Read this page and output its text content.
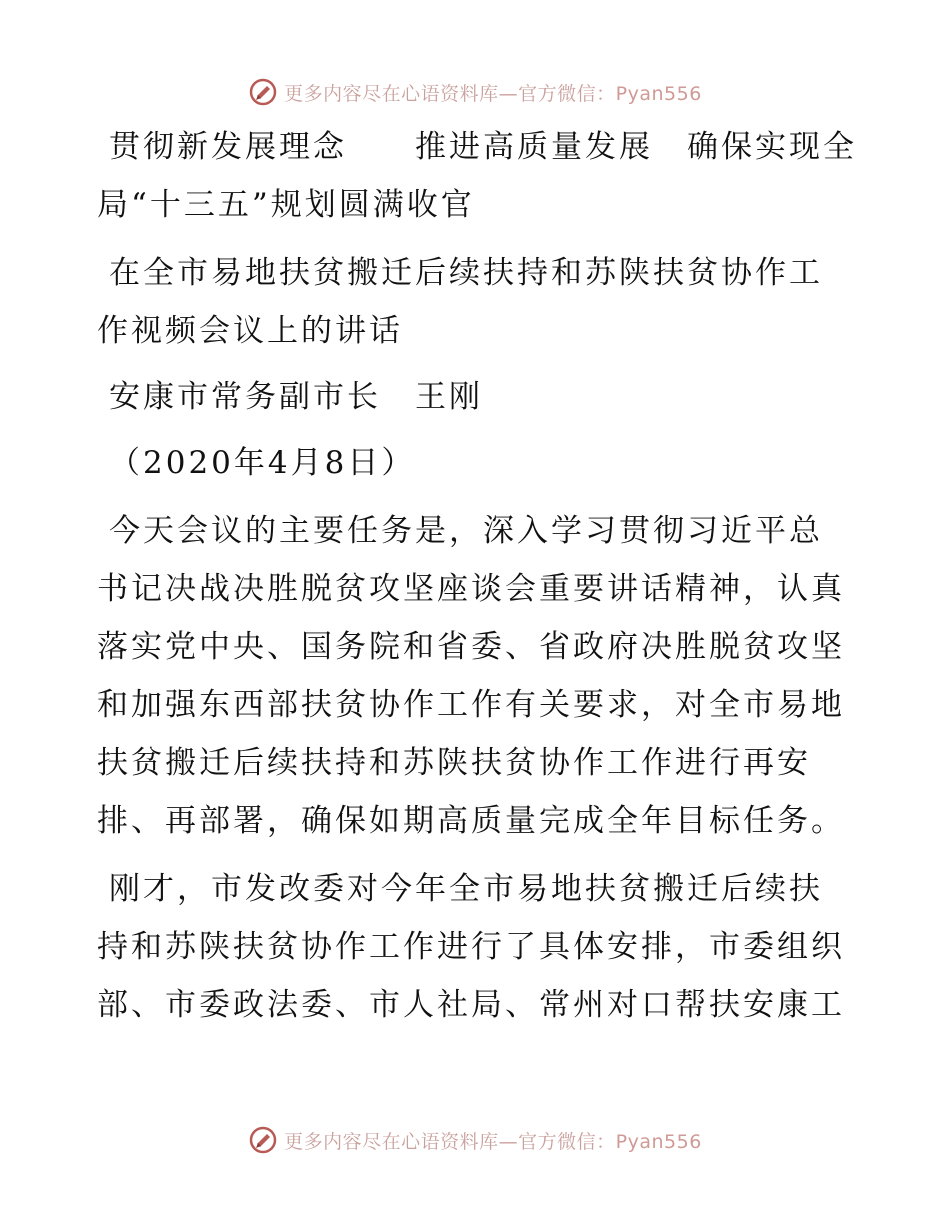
更多内容尽在心语资料库—官方微信：Pyan556
贯彻新发展理念　　推进高质量发展　确保实现全
局“十三五”规划圆满收官
在全市易地扶贫搬迁后续扶持和苏陕扶贫协作工
作视频会议上的讲话
安康市常务副市长　王刚
（2020年4月8日）
今天会议的主要任务是，深入学习贯彻习近平总
书记决战决胜脱贫攻坚座谈会重要讲话精神，认真
落实党中央、国务院和省委、省政府决胜脱贫攻坚
和加强东西部扶贫协作工作有关要求，对全市易地
扶贫搬迁后续扶持和苏陕扶贫协作工作进行再安
排、再部署，确保如期高质量完成全年目标任务。
刚才，市发改委对今年全市易地扶贫搬迁后续扶
持和苏陕扶贫协作工作进行了具体安排，市委组织
部、市委政法委、市人社局、常州对口帮扶安康工
更多内容尽在心语资料库—官方微信：Pyan556
